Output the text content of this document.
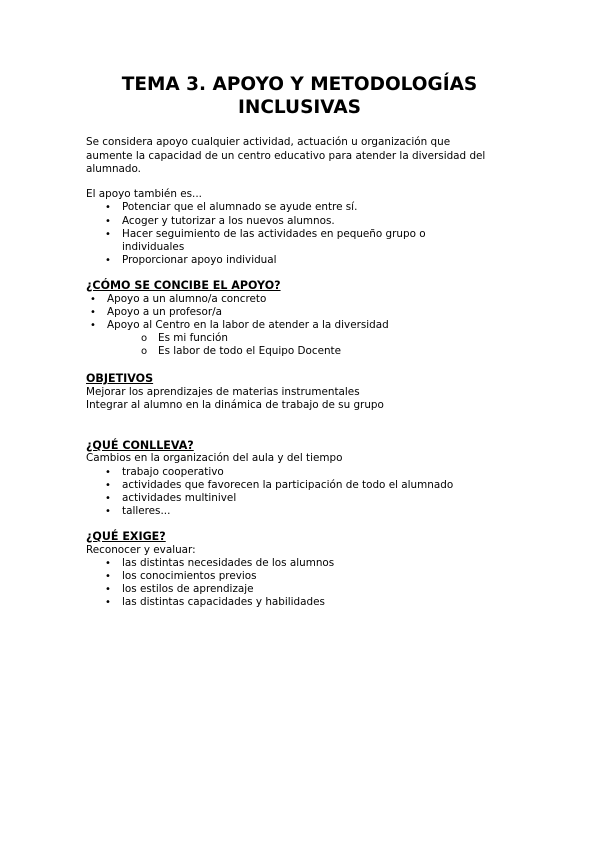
TEMA 3. APOYO Y METODOLOGÍAS
INCLUSIVAS

Se considera apoyo cualquier actividad, actuación u organización que

aumente la capacidad de un centro educativo para atender la diversidad del

alumnado.

El apoyo también es...

• Potenciar que el alumnado se ayude entre sí.
• Acoger y tutorizar a los nuevos alumnos.
• Hacer seguimiento de las actividades en pequeño grupo o
individuales
• Proporcionar apoyo individual
¿CÓMO SE CONCIBE EL APOYO?
• Apoyo a un alumno/a concreto
• Apoyo a un profesor/a
• Apoyo al Centro en la labor de atender a la diversidad
o Es mi función
o Es labor de todo el Equipo Docente
OBJETIVOS

Mejorar los aprendizajes de materias instrumentales

Integrar al alumno en la dinámica de trabajo de su grupo

¿QUÉ CONLLEVA?

Cambios en la organización del aula y del tiempo

• trabajo cooperativo
• actividades que favorecen la participación de todo el alumnado
• actividades multinivel
• talleres...
¿QUÉ EXIGE?

Reconocer y evaluar:

• las distintas necesidades de los alumnos
• los conocimientos previos
• los estilos de aprendizaje
• las distintas capacidades y habilidades
